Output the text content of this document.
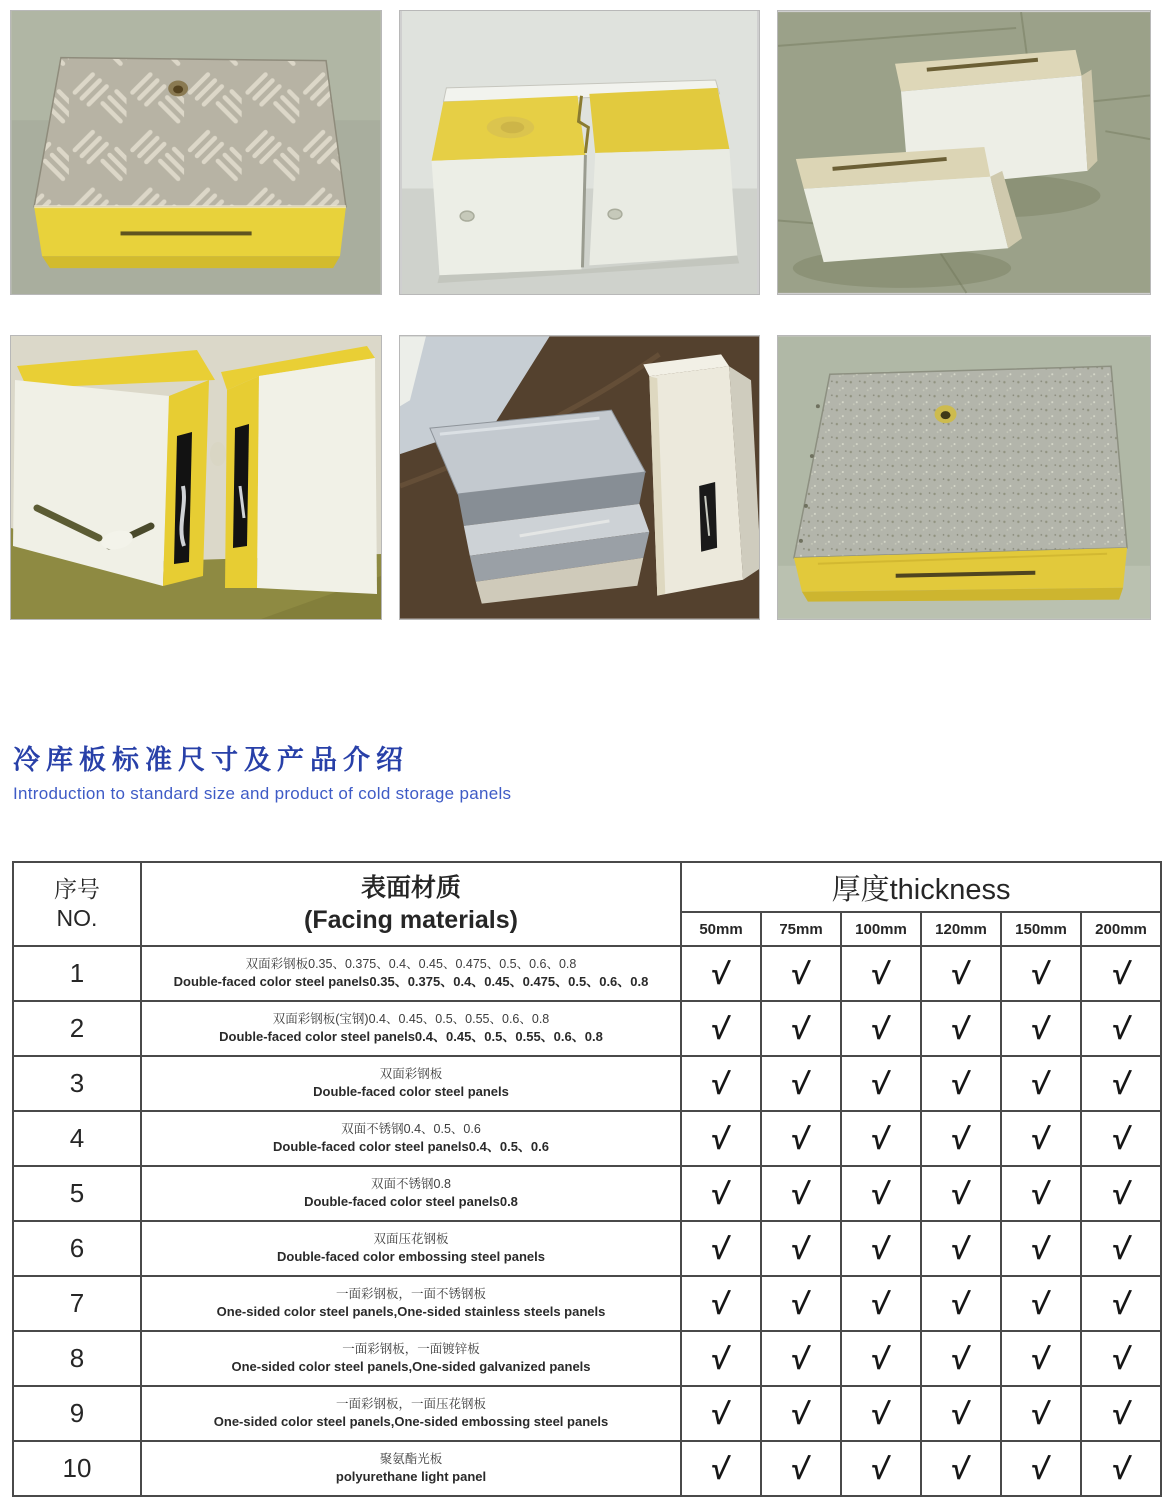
冷库板标准尺寸及产品介绍

Introduction to standard size and product of cold storage panels

序号
NO.

表面材质
(Facing materials)
	厚度thickness
		50mm	75mm	100mm	120mm	150mm	200mm
1	双面彩钢板0.35、0.375、0.4、0.45、0.475、0.5、0.6、0.8
Double-faced color steel panels0.35、0.375、0.4、0.45、0.475、0.5、0.6、0.8	√	√	√	√	√	√
2	双面彩钢板(宝钢)0.4、0.45、0.5、0.55、0.6、0.8
Double-faced color steel panels0.4、0.45、0.5、0.55、0.6、0.8	√	√	√	√	√	√
3	双面彩钢板
Double-faced color steel panels	√	√	√	√	√	√
4	双面不锈钢0.4、0.5、0.6
Double-faced color steel panels0.4、0.5、0.6	√	√	√	√	√	√
5	双面不锈钢0.8
Double-faced color steel panels0.8	√	√	√	√	√	√
6	双面压花钢板
Double-faced color embossing steel panels	√	√	√	√	√	√
7	一面彩钢板，一面不锈钢板
One-sided color steel panels,One-sided stainless steels panels	√	√	√	√	√	√
8	一面彩钢板，一面镀锌板
One-sided color steel panels,One-sided galvanized panels	√	√	√	√	√	√
9	一面彩钢板，一面压花钢板
One-sided color steel panels,One-sided embossing steel panels	√	√	√	√	√	√
10	聚氨酯光板
polyurethane light panel	√	√	√	√	√	√
